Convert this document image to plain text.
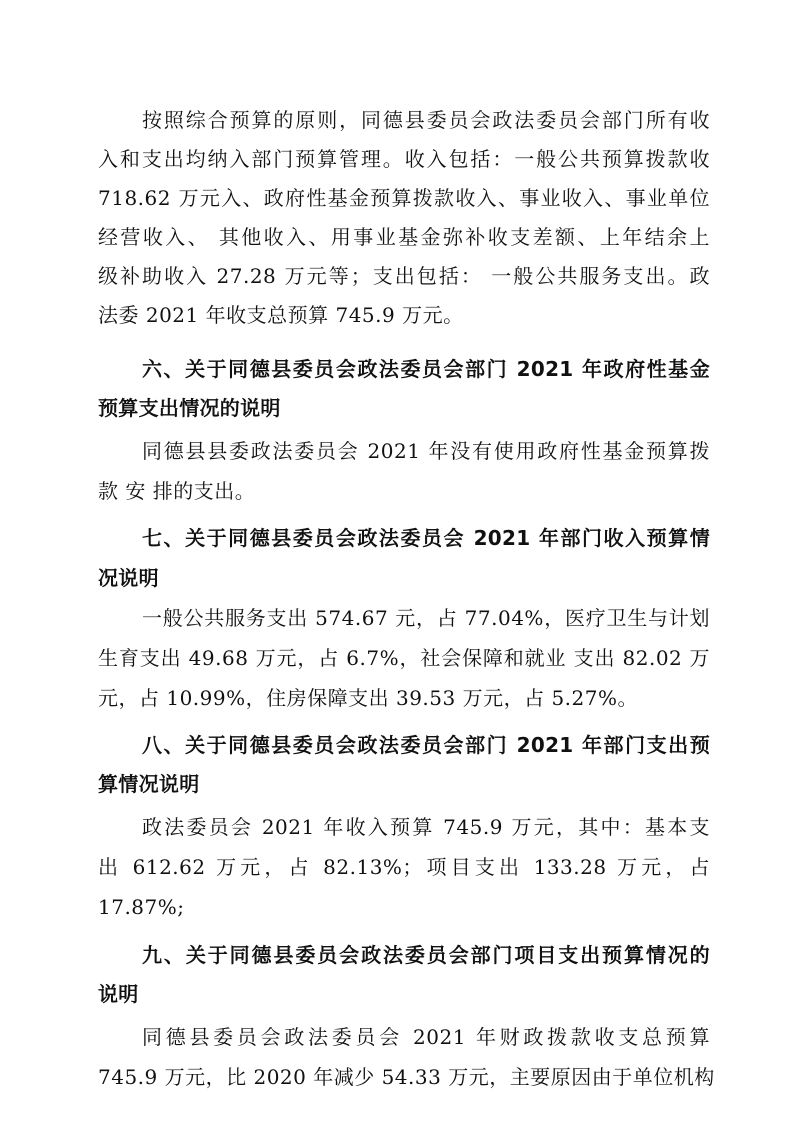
按照综合预算的原则，同德县委员会政法委员会部门所有收
入和支出均纳入部门预算管理。收入包括：一般公共预算拨款收
718.62 万元入、政府性基金预算拨款收入、事业收入、事业单位
经营收入、 其他收入、用事业基金弥补收支差额、上年结余上
级补助收入 27.28 万元等；支出包括： 一般公共服务支出。政
法委 2021 年收支总预算 745.9 万元。
六、关于同德县委员会政法委员会部门 2021 年政府性基金
预算支出情况的说明
同德县县委政法委员会 2021 年没有使用政府性基金预算拨
款 安 排的支出。
七、关于同德县委员会政法委员会 2021 年部门收入预算情
况说明
一般公共服务支出 574.67 元，占 77.04%，医疗卫生与计划
生育支出 49.68 万元，占 6.7%，社会保障和就业 支出 82.02 万
元，占 10.99%，住房保障支出 39.53 万元，占 5.27%。
八、关于同德县委员会政法委员会部门 2021 年部门支出预
算情况说明
政法委员会 2021 年收入预算 745.9 万元，其中：基本支
出 612.62 万元，占 82.13%；项目支出 133.28 万元，占
17.87%;
九、关于同德县委员会政法委员会部门项目支出预算情况的
说明
同德县委员会政法委员会 2021 年财政拨款收支总预算
745.9 万元，比 2020 年减少 54.33 万元，主要原因由于单位机构
